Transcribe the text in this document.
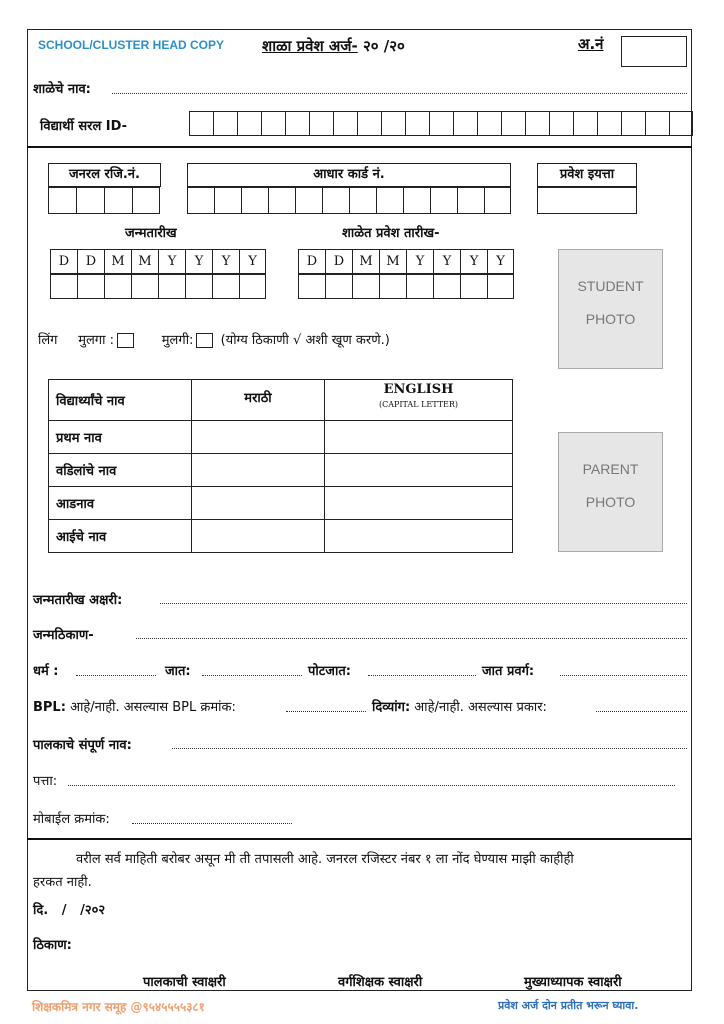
SCHOOL/CLUSTER HEAD COPY	शाळा प्रवेश अर्ज- २० /२०	अ.नं
शाळेचे नाव:
विद्यार्थी सरल ID-
जनरल रजि.नं.	आधार कार्ड नं.	प्रवेश इयत्ता
जन्मतारीख	शाळेत प्रवेश तारीख-
D	D	M	M	Y	Y	Y	Y	D	D	M	M	Y	Y	Y	Y
STUDENT
PHOTO
PARENT
PHOTO
लिंग मुलगा :	मुलगी: (योग्य ठिकाणी √ अशी खूण करणे.)
विद्यार्थ्यांचे नाव	मराठी	ENGLISH
(CAPITAL LETTER)

प्रथम नाव		
वडिलांचे नाव		
आडनाव		
आईचे नाव		
जन्मतारीख अक्षरी:
जन्मठिकाण-
धर्म :	जात:	पोटजात:	जात प्रवर्ग:
BPL: आहे/नाही. असल्यास BPL क्रमांक:	दिव्यांग: आहे/नाही. असल्यास प्रकार:
पालकाचे संपूर्ण नाव:
पत्ता:
मोबाईल क्रमांक:
वरील सर्व माहिती बरोबर असून मी ती तपासली आहे. जनरल रजिस्टर नंबर १ ला नोंद घेण्यास माझी काहीही
हरकत नाही.
दि.   /   /२०२
ठिकाण:
पालकाची स्वाक्षरी	वर्गशिक्षक स्वाक्षरी	मुख्याध्यापक स्वाक्षरी
शिक्षकमित्र नगर समूह @९५४५५५५३८१	प्रवेश अर्ज दोन प्रतीत भरून घ्यावा.
